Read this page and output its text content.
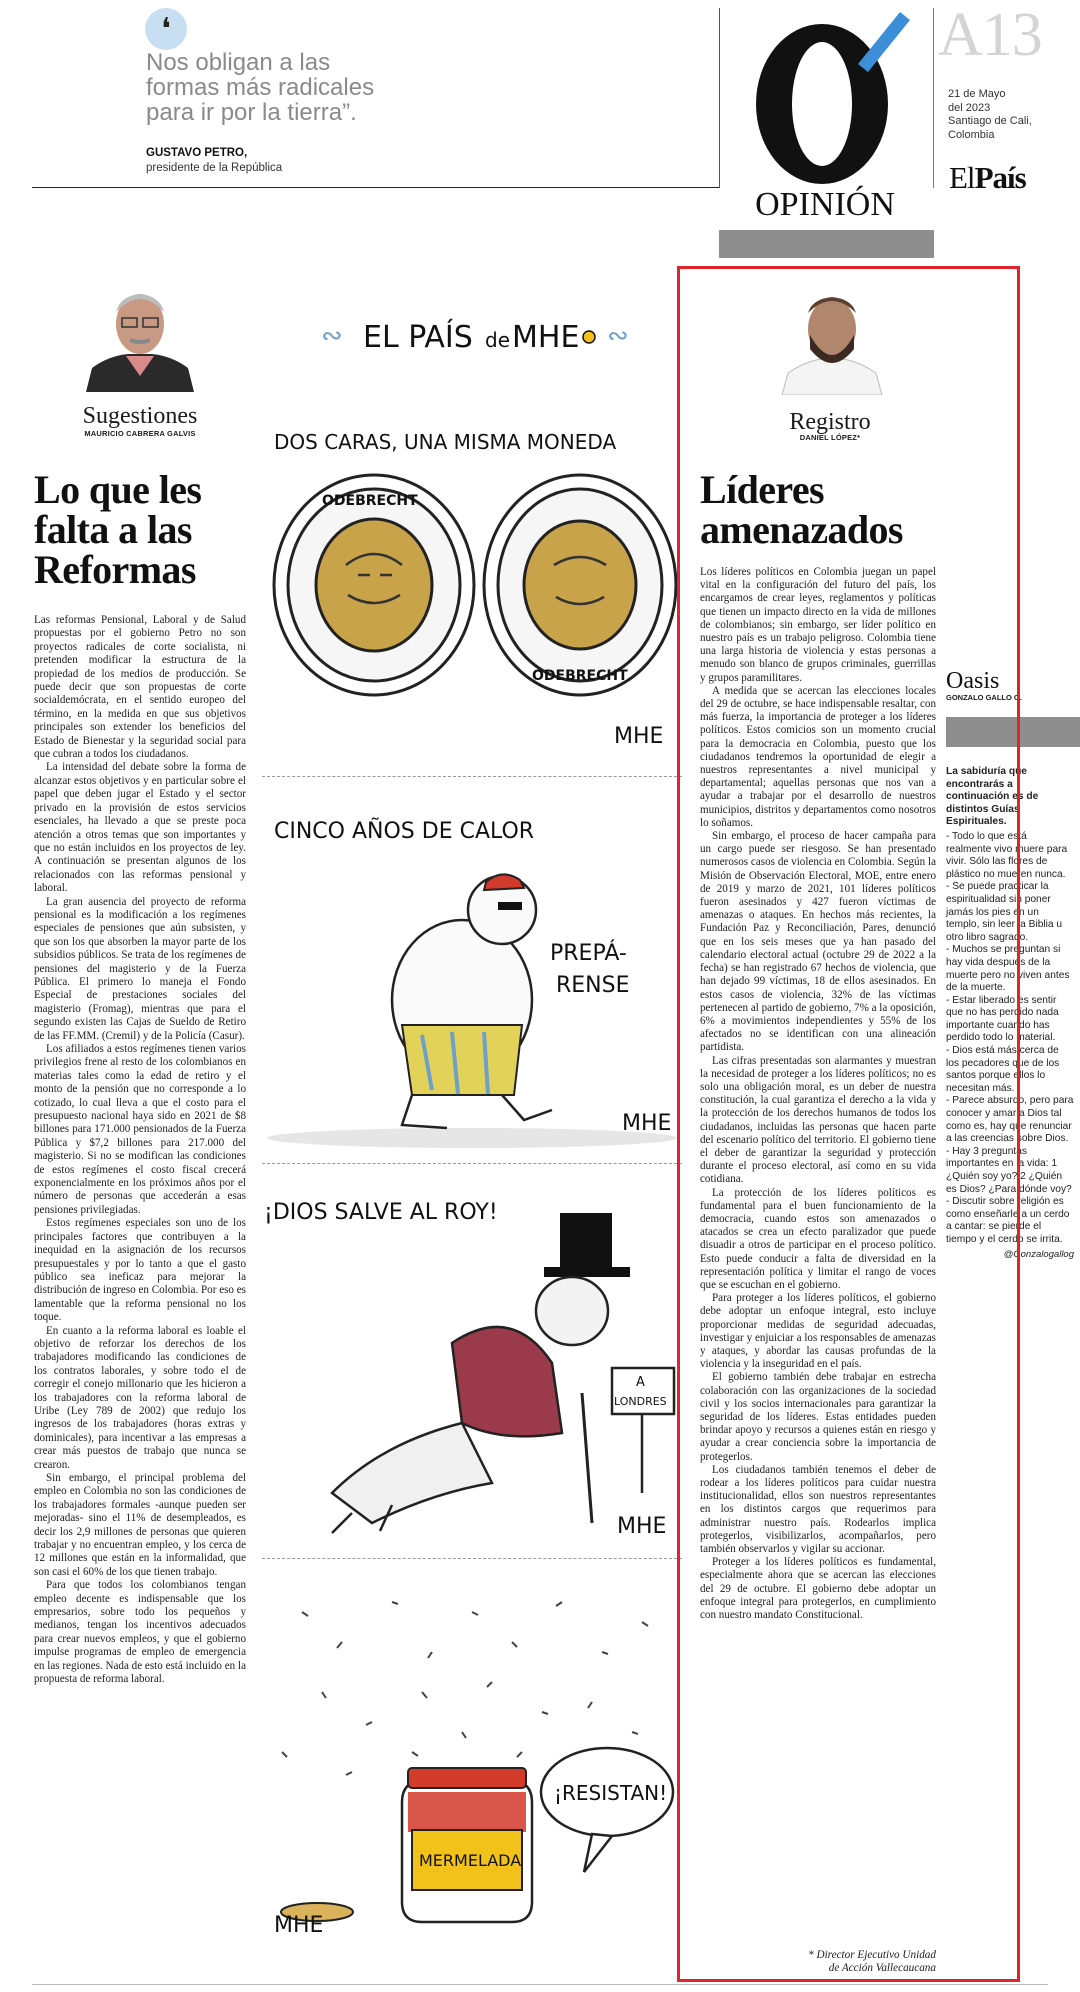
❛
Nos obligan a las
formas más radicales
para ir por la tierra”.
GUSTAVO PETRO,
presidente de la República
O
OPINIÓN
A13
21 de Mayo
del 2023
Santiago de Cali,
Colombia
ElPaís
Sugestiones
MAURICIO CABRERA GALVIS
Lo que les falta a las Reformas

Las reformas Pensional, Laboral y de Salud propuestas por el gobierno Petro no son proyectos radicales de corte socialista, ni pretenden modificar la estructura de la propiedad de los medios de producción. Se puede decir que son propuestas de corte socialdemócrata, en el sentido europeo del término, en la medida en que sus objetivos principales son extender los beneficios del Estado de Bienestar y la seguridad social para que cubran a todos los ciudadanos.

La intensidad del debate sobre la forma de alcanzar estos objetivos y en particular sobre el papel que deben jugar el Estado y el sector privado en la provisión de estos servicios esenciales, ha llevado a que se preste poca atención a otros temas que son importantes y que no están incluidos en los proyectos de ley. A continuación se presentan algunos de los relacionados con las reformas pensional y laboral.

La gran ausencia del proyecto de reforma pensional es la modificación a los regímenes especiales de pensiones que aún subsisten, y que son los que absorben la mayor parte de los subsidios públicos. Se trata de los regímenes de pensiones del magisterio y de la Fuerza Pública. El primero lo maneja el Fondo Especial de prestaciones sociales del magisterio (Fromag), mientras que para el segundo existen las Cajas de Sueldo de Retiro de las FF.MM. (Cremil) y de la Policía (Casur).

Los afiliados a estos regímenes tienen varios privilegios frene al resto de los colombianos en materias tales como la edad de retiro y el monto de la pensión que no corresponde a lo cotizado, lo cual lleva a que el costo para el presupuesto nacional haya sido en 2021 de $8 billones para 171.000 pensionados de la Fuerza Pública y $7,2 billones para 217.000 del magisterio. Si no se modifican las condiciones de estos regímenes el costo fiscal crecerá exponencialmente en los próximos años por el número de personas que accederán a esas pensiones privilegiadas.

Estos regímenes especiales son uno de los principales factores que contribuyen a la inequidad en la asignación de los recursos presupuestales y por lo tanto a que el gasto público sea ineficaz para mejorar la distribución de ingreso en Colombia. Por eso es lamentable que la reforma pensional no los toque.

En cuanto a la reforma laboral es loable el objetivo de reforzar los derechos de los trabajadores modificando las condiciones de los contratos laborales, y sobre todo el de corregir el conejo millonario que les hicieron a los trabajadores con la reforma laboral de Uribe (Ley 789 de 2002) que redujo los ingresos de los trabajadores (horas extras y dominicales), para incentivar a las empresas a crear más puestos de trabajo que nunca se crearon.

Sin embargo, el principal problema del empleo en Colombia no son las condiciones de los trabajadores formales -aunque pueden ser mejoradas- sino el 11% de desempleados, es decir los 2,9 millones de personas que quieren trabajar y no encuentran empleo, y los cerca de 12 millones que están en la informalidad, que son casi el 60% de los que tienen trabajo.

Para que todos los colombianos tengan empleo decente es indispensable que los empresarios, sobre todo los pequeños y medianos, tengan los incentivos adecuados para crear nuevos empleos, y que el gobierno impulse programas de empleo de emergencia en las regiones. Nada de esto está incluido en la propuesta de reforma laboral.

∾ EL PAÍS de MHE ∾
DOS CARAS, UNA MISMA MONEDA
ODEBRECHT
ODEBRECHT
MHE
CINCO AÑOS DE CALOR
PREPÁ-
RENSE
MHE
¡DIOS SALVE AL ROY!
A
LONDRES
MHE
MERMELADA
¡RESISTAN!
MHE
Registro
DANIEL LÓPEZ*
Líderes amenazados

Los líderes políticos en Colombia juegan un papel vital en la configuración del futuro del país, los encargamos de crear leyes, reglamentos y políticas que tienen un impacto directo en la vida de millones de colombianos; sin embargo, ser líder político en nuestro país es un trabajo peligroso. Colombia tiene una larga historia de violencia y estas personas a menudo son blanco de grupos criminales, guerrillas y grupos paramilitares.

A medida que se acercan las elecciones locales del 29 de octubre, se hace indispensable resaltar, con más fuerza, la importancia de proteger a los líderes políticos. Estos comicios son un momento crucial para la democracia en Colombia, puesto que los ciudadanos tendremos la oportunidad de elegir a nuestros representantes a nivel municipal y departamental; aquellas personas que nos van a ayudar a trabajar por el desarrollo de nuestros municipios, distritos y departamentos como nosotros lo soñamos.

Sin embargo, el proceso de hacer campaña para un cargo puede ser riesgoso. Se han presentado numerosos casos de violencia en Colombia. Según la Misión de Observación Electoral, MOE, entre enero de 2019 y marzo de 2021, 101 líderes políticos fueron asesinados y 427 fueron víctimas de amenazas o ataques. En hechos más recientes, la Fundación Paz y Reconciliación, Pares, denunció que en los seis meses que ya han pasado del calendario electoral actual (octubre 29 de 2022 a la fecha) se han registrado 67 hechos de violencia, que han dejado 99 víctimas, 18 de ellos asesinados. En estos casos de violencia, 32% de las víctimas pertenecen al partido de gobierno, 7% a la oposición, 6% a movimientos independientes y 55% de los afectados no se identifican con una alineación partidista.

Las cifras presentadas son alarmantes y muestran la necesidad de proteger a los líderes políticos; no es solo una obligación moral, es un deber de nuestra constitución, la cual garantiza el derecho a la vida y la protección de los derechos humanos de todos los ciudadanos, incluidas las personas que hacen parte del escenario político del territorio. El gobierno tiene el deber de garantizar la seguridad y protección durante el proceso electoral, así como en su vida cotidiana.

La protección de los líderes políticos es fundamental para el buen funcionamiento de la democracia, cuando estos son amenazados o atacados se crea un efecto paralizador que puede disuadir a otros de participar en el proceso político. Esto puede conducir a falta de diversidad en la representación política y limitar el rango de voces que se escuchan en el gobierno.

Para proteger a los líderes políticos, el gobierno debe adoptar un enfoque integral, esto incluye proporcionar medidas de seguridad adecuadas, investigar y enjuiciar a los responsables de amenazas y ataques, y abordar las causas profundas de la violencia y la inseguridad en el país.

El gobierno también debe trabajar en estrecha colaboración con las organizaciones de la sociedad civil y los socios internacionales para garantizar la seguridad de los líderes. Estas entidades pueden brindar apoyo y recursos a quienes están en riesgo y ayudar a crear conciencia sobre la importancia de protegerlos.

Los ciudadanos también tenemos el deber de rodear a los líderes políticos para cuidar nuestra institucionalidad, ellos son nuestros representantes en los distintos cargos que requerimos para administrar nuestro país. Rodearlos implica protegerlos, visibilizarlos, acompañarlos, pero también observarlos y vigilar su accionar.

Proteger a los líderes políticos es fundamental, especialmente ahora que se acercan las elecciones del 29 de octubre. El gobierno debe adoptar un enfoque integral para protegerlos, en cumplimiento con nuestro mandato Constitucional.

* Director Ejecutivo Unidad
de Acción Vallecaucana
Oasis
GONZALO GALLO G.

La sabiduría que encontrarás a continuación es de distintos Guías Espirituales.

- Todo lo que está realmente vivo muere para vivir. Sólo las flores de plástico no mueren nunca.

- Se puede practicar la espiritualidad sin poner jamás los pies en un templo, sin leer la Biblia u otro libro sagrado.

- Muchos se preguntan si hay vida después de la muerte pero no viven antes de la muerte.

- Estar liberado es sentir que no has perdido nada importante cuando has perdido todo lo material.

- Dios está más cerca de los pecadores que de los santos porque ellos lo necesitan más.

- Parece absurdo, pero para conocer y amar a Dios tal como es, hay que renunciar a las creencias sobre Dios.

- Hay 3 preguntas importantes en la vida: 1 ¿Quién soy yo? 2 ¿Quién es Dios? ¿Para dónde voy?

- Discutir sobre religión es como enseñarle a un cerdo a cantar: se pierde el tiempo y el cerdo se irrita.

@Gonzalogallog
